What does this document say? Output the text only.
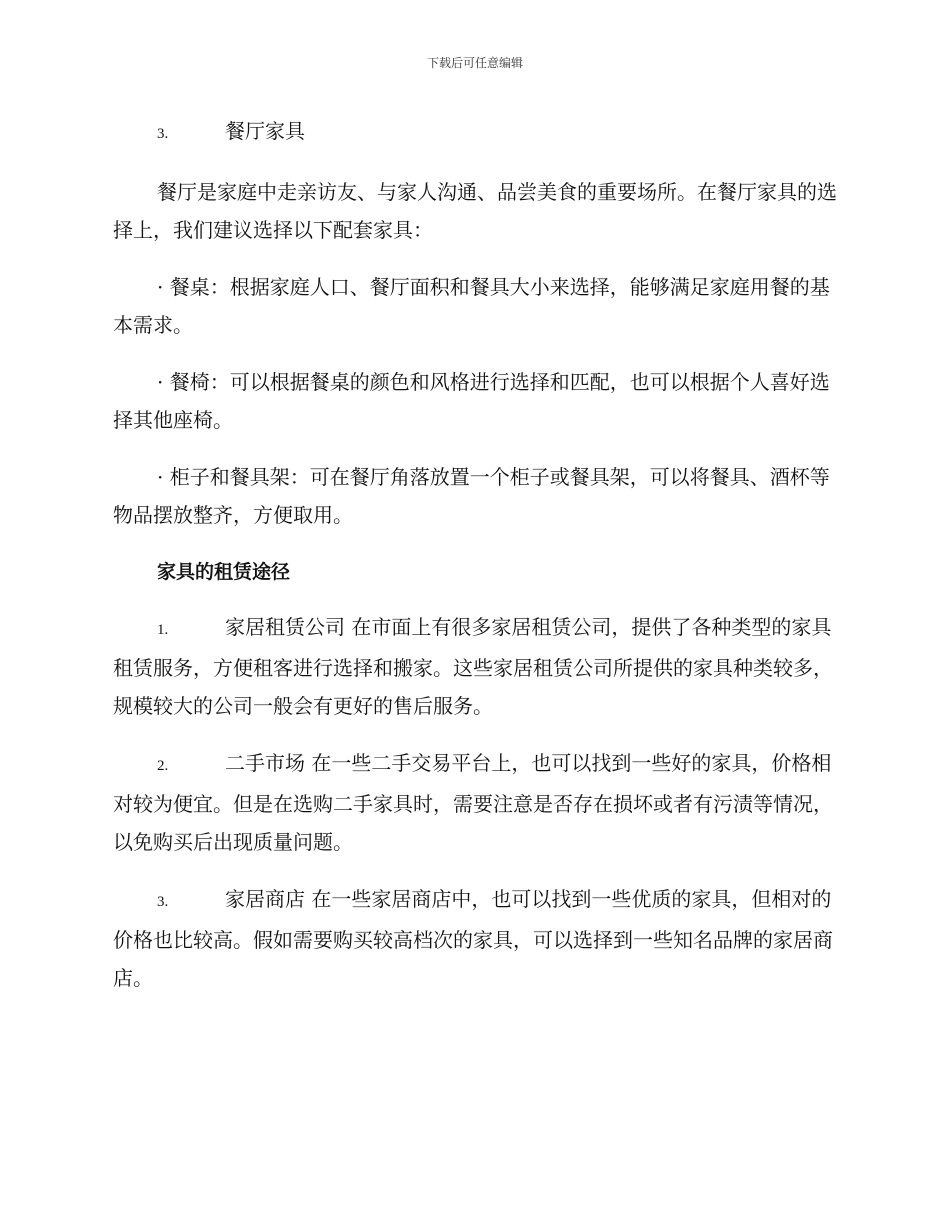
下载后可任意编辑

3.	餐厅家具

餐厅是家庭中走亲访友、与家人沟通、品尝美食的重要场所。在餐厅家具的选择上，我们建议选择以下配套家具：

· 餐桌：根据家庭人口、餐厅面积和餐具大小来选择，能够满足家庭用餐的基本需求。

· 餐椅：可以根据餐桌的颜色和风格进行选择和匹配，也可以根据个人喜好选择其他座椅。

· 柜子和餐具架：可在餐厅角落放置一个柜子或餐具架，可以将餐具、酒杯等物品摆放整齐，方便取用。

家具的租赁途径

1.	家居租赁公司 在市面上有很多家居租赁公司，提供了各种类型的家具租赁服务，方便租客进行选择和搬家。这些家居租赁公司所提供的家具种类较多，规模较大的公司一般会有更好的售后服务。

2.	二手市场 在一些二手交易平台上，也可以找到一些好的家具，价格相对较为便宜。但是在选购二手家具时，需要注意是否存在损坏或者有污渍等情况，以免购买后出现质量问题。

3.	家居商店 在一些家居商店中，也可以找到一些优质的家具，但相对的价格也比较高。假如需要购买较高档次的家具，可以选择到一些知名品牌的家居商店。
